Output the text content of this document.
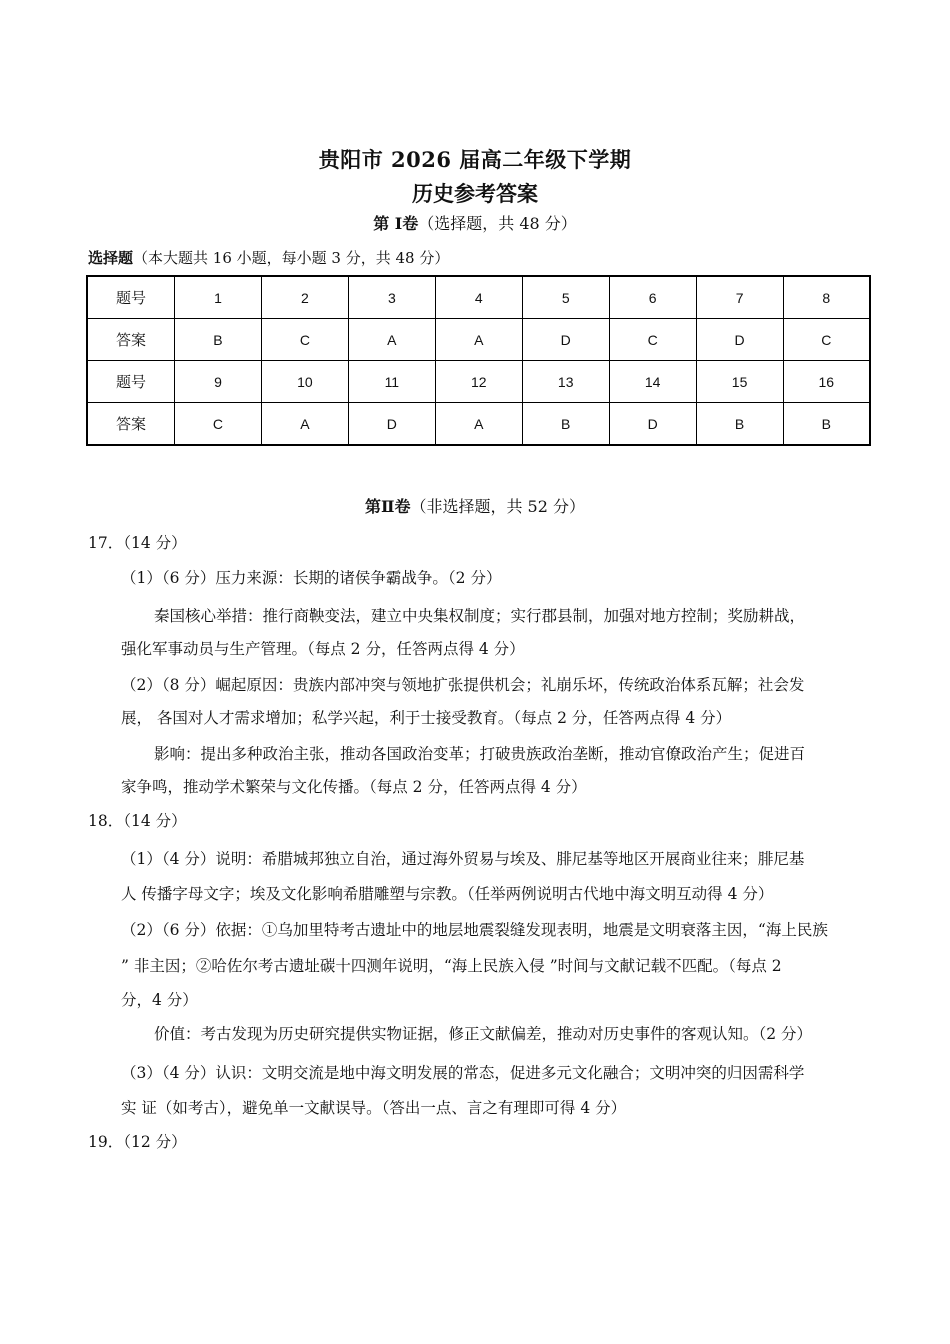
贵阳市 2026 届高二年级下学期
历史参考答案
第 Ⅰ卷（选择题，共 48 分）
选择题（本大题共 16 小题，每小题 3 分，共 48 分）
题号	1	2	3	4	5	6	7	8
答案	B	C	A	A	D	C	D	C
题号	9	10	11	12	13	14	15	16
答案	C	A	D	A	B	D	B	B
第Ⅱ卷（非选择题，共 52 分）
17．（14 分）
（1）（6 分）压力来源：长期的诸侯争霸战争。（2 分）
秦国核心举措：推行商鞅变法，建立中央集权制度；实行郡县制，加强对地方控制；奖励耕战，
强化军事动员与生产管理。（每点 2 分，任答两点得 4 分）
（2）（8 分）崛起原因：贵族内部冲突与领地扩张提供机会；礼崩乐坏，传统政治体系瓦解；社会发
展， 各国对人才需求增加；私学兴起，利于士接受教育。（每点 2 分，任答两点得 4 分）
影响：提出多种政治主张，推动各国政治变革；打破贵族政治垄断，推动官僚政治产生；促进百
家争鸣，推动学术繁荣与文化传播。（每点 2 分，任答两点得 4 分）
18．（14 分）
（1）（4 分）说明：希腊城邦独立自治，通过海外贸易与埃及、腓尼基等地区开展商业往来；腓尼基
人 传播字母文字；埃及文化影响希腊雕塑与宗教。（任举两例说明古代地中海文明互动得 4 分）
（2）（6 分）依据：①乌加里特考古遗址中的地层地震裂缝发现表明，地震是文明衰落主因，“海上民族
” 非主因；②哈佐尔考古遗址碳十四测年说明，“海上民族入侵 ”时间与文献记载不匹配。（每点 2
分，4 分）
价值：考古发现为历史研究提供实物证据，修正文献偏差，推动对历史事件的客观认知。（2 分）
（3）（4 分）认识：文明交流是地中海文明发展的常态，促进多元文化融合；文明冲突的归因需科学
实 证（如考古），避免单一文献误导。（答出一点、言之有理即可得 4 分）
19．（12 分）
